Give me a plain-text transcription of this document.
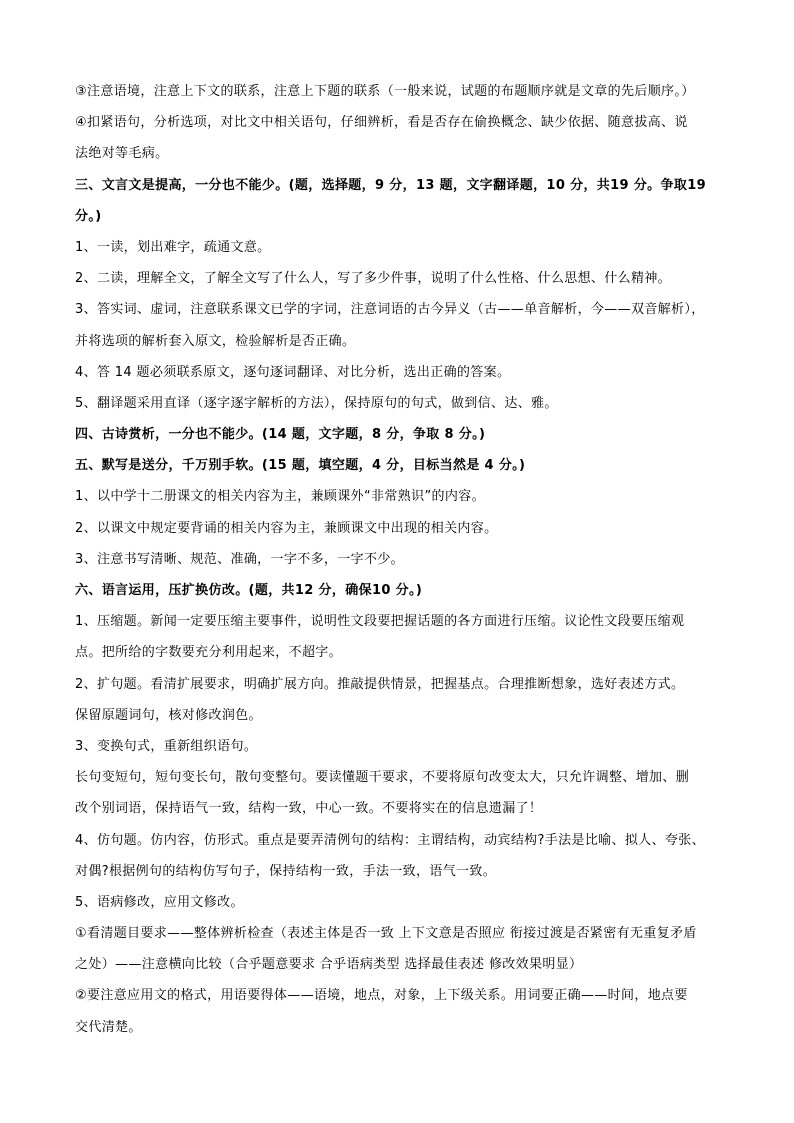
③注意语境，注意上下文的联系，注意上下题的联系（一般来说，试题的布题顺序就是文章的先后顺序。）
④扣紧语句，分析选项，对比文中相关语句，仔细辨析，看是否存在偷换概念、缺少依据、随意拔高、说
法绝对等毛病。
三、文言文是提高，一分也不能少。(题，选择题，9 分，13 题，文字翻译题，10 分，共19 分。争取19
分。)
1、一读，划出难字，疏通文意。
2、二读，理解全文，了解全文写了什么人，写了多少件事，说明了什么性格、什么思想、什么精神。
3、答实词、虚词，注意联系课文已学的字词，注意词语的古今异义（古——单音解析，今——双音解析），
并将选项的解析套入原文，检验解析是否正确。
4、答 14 题必须联系原文，逐句逐词翻译、对比分析，选出正确的答案。
5、翻译题采用直译（逐字逐字解析的方法），保持原句的句式，做到信、达、雅。
四、古诗赏析，一分也不能少。(14 题，文字题，8 分，争取 8 分。)
五、默写是送分，千万别手软。(15 题，填空题，4 分，目标当然是 4 分。)
1、以中学十二册课文的相关内容为主，兼顾课外“非常熟识”的内容。
2、以课文中规定要背诵的相关内容为主，兼顾课文中出现的相关内容。
3、注意书写清晰、规范、准确，一字不多，一字不少。
六、语言运用，压扩换仿改。(题，共12 分，确保10 分。)
1、压缩题。新闻一定要压缩主要事件，说明性文段要把握话题的各方面进行压缩。议论性文段要压缩观
点。把所给的字数要充分利用起来，不超字。
2、扩句题。看清扩展要求，明确扩展方向。推敲提供情景，把握基点。合理推断想象，选好表述方式。
保留原题词句，核对修改润色。
3、变换句式，重新组织语句。
长句变短句，短句变长句，散句变整句。要读懂题干要求，不要将原句改变太大，只允许调整、增加、删
改个别词语，保持语气一致，结构一致，中心一致。不要将实在的信息遗漏了！
4、仿句题。仿内容，仿形式。重点是要弄清例句的结构：主谓结构，动宾结构?手法是比喻、拟人、夸张、
对偶?根据例句的结构仿写句子，保持结构一致，手法一致，语气一致。
5、语病修改，应用文修改。
①看清题目要求——整体辨析检查（表述主体是否一致 上下文意是否照应 衔接过渡是否紧密有无重复矛盾
之处）——注意横向比较（合乎题意要求 合乎语病类型 选择最佳表述 修改效果明显）
②要注意应用文的格式，用语要得体——语境，地点，对象，上下级关系。用词要正确——时间，地点要
交代清楚。
